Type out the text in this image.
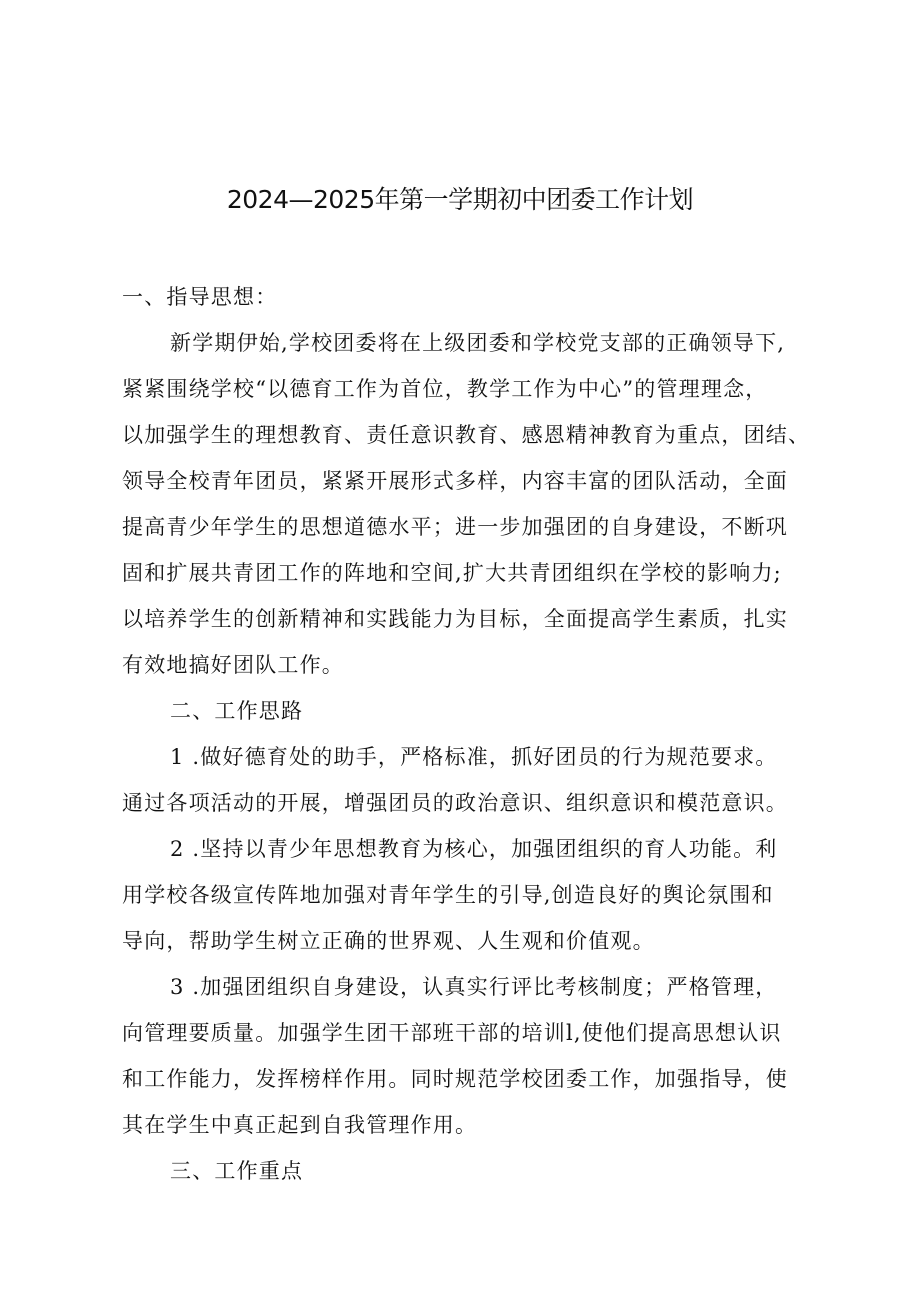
2024—2025年第一学期初中团委工作计划
一、指导思想：
新学期伊始,学校团委将在上级团委和学校党支部的正确领导下,
紧紧围绕学校“以德育工作为首位，教学工作为中心”的管理理念，
以加强学生的理想教育、责任意识教育、感恩精神教育为重点，团结、
领导全校青年团员，紧紧开展形式多样，内容丰富的团队活动，全面
提高青少年学生的思想道德水平；进一步加强团的自身建设，不断巩
固和扩展共青团工作的阵地和空间,扩大共青团组织在学校的影响力;
以培养学生的创新精神和实践能力为目标，全面提高学生素质，扎实
有效地搞好团队工作。
二、工作思路
1 .做好德育处的助手，严格标准，抓好团员的行为规范要求。
通过各项活动的开展，增强团员的政治意识、组织意识和模范意识。
2 .坚持以青少年思想教育为核心，加强团组织的育人功能。利
用学校各级宣传阵地加强对青年学生的引导,创造良好的舆论氛围和
导向，帮助学生树立正确的世界观、人生观和价值观。
3 .加强团组织自身建设，认真实行评比考核制度；严格管理，
向管理要质量。加强学生团干部班干部的培训l,使他们提高思想认识
和工作能力，发挥榜样作用。同时规范学校团委工作，加强指导，使
其在学生中真正起到自我管理作用。
三、工作重点
